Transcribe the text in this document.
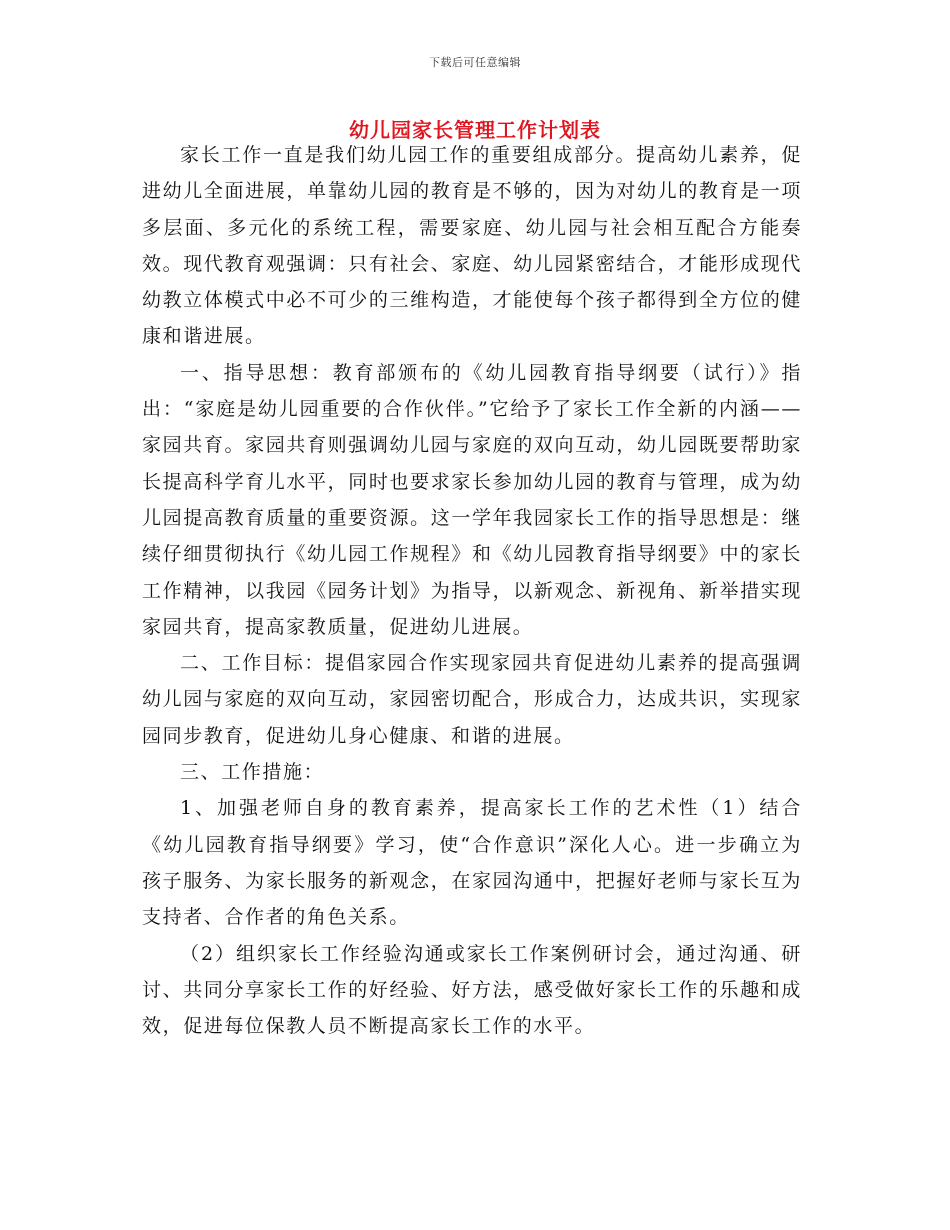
下载后可任意编辑
幼儿园家长管理工作计划表

家长工作一直是我们幼儿园工作的重要组成部分。提高幼儿素养，促进幼儿全面进展，单靠幼儿园的教育是不够的，因为对幼儿的教育是一项多层面、多元化的系统工程，需要家庭、幼儿园与社会相互配合方能奏效。现代教育观强调：只有社会、家庭、幼儿园紧密结合，才能形成现代幼教立体模式中必不可少的三维构造，才能使每个孩子都得到全方位的健康和谐进展。

一、指导思想：教育部颁布的《幼儿园教育指导纲要（试行）》指出：“家庭是幼儿园重要的合作伙伴。”它给予了家长工作全新的内涵——家园共育。家园共育则强调幼儿园与家庭的双向互动，幼儿园既要帮助家长提高科学育儿水平，同时也要求家长参加幼儿园的教育与管理，成为幼儿园提高教育质量的重要资源。这一学年我园家长工作的指导思想是：继续仔细贯彻执行《幼儿园工作规程》和《幼儿园教育指导纲要》中的家长工作精神，以我园《园务计划》为指导，以新观念、新视角、新举措实现家园共育，提高家教质量，促进幼儿进展。

二、工作目标：提倡家园合作实现家园共育促进幼儿素养的提高强调幼儿园与家庭的双向互动，家园密切配合，形成合力，达成共识，实现家园同步教育，促进幼儿身心健康、和谐的进展。

三、工作措施：

1、加强老师自身的教育素养，提高家长工作的艺术性（1）结合《幼儿园教育指导纲要》学习，使“合作意识”深化人心。进一步确立为孩子服务、为家长服务的新观念，在家园沟通中，把握好老师与家长互为支持者、合作者的角色关系。

（2）组织家长工作经验沟通或家长工作案例研讨会，通过沟通、研讨、共同分享家长工作的好经验、好方法，感受做好家长工作的乐趣和成效，促进每位保教人员不断提高家长工作的水平。
